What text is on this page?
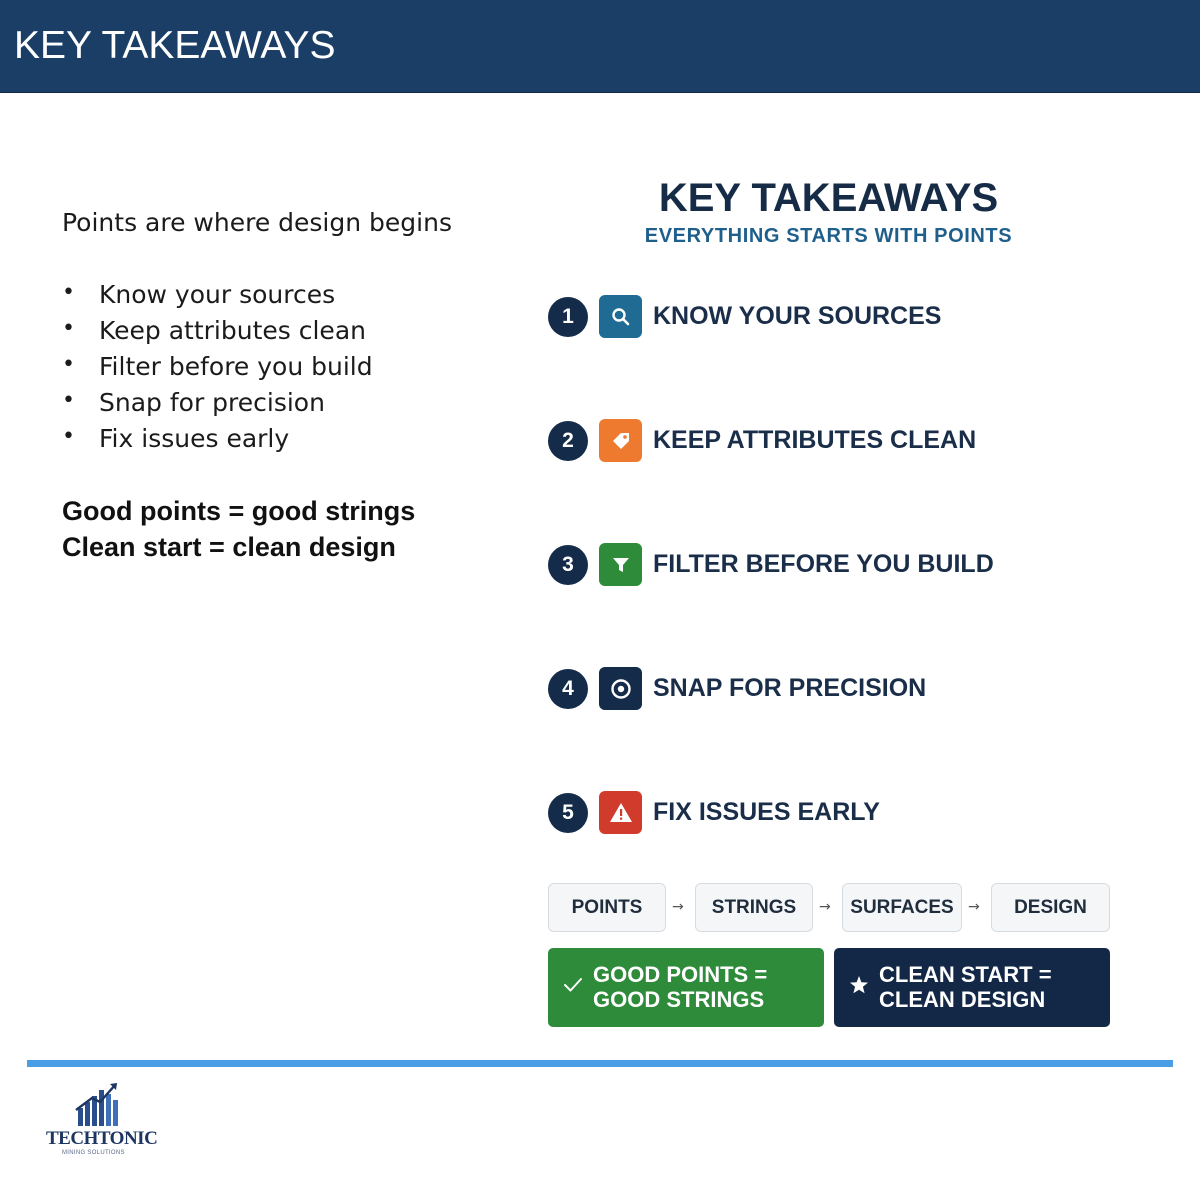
KEY TAKEAWAYS
Points are where design begins
• Know your sources
• Keep attributes clean
• Filter before you build
• Snap for precision
• Fix issues early
Good points = good strings
Clean start = clean design
KEY TAKEAWAYS
EVERYTHING STARTS WITH POINTS
1	KNOW YOUR SOURCES
2	KEEP ATTRIBUTES CLEAN
3	FILTER BEFORE YOU BUILD
4	SNAP FOR PRECISION
5	FIX ISSUES EARLY
POINTS	→	STRINGS	→	SURFACES	→	DESIGN
GOOD POINTS =
GOOD STRINGS
CLEAN START =
CLEAN DESIGN
TECHTONIC
MINING SOLUTIONS
